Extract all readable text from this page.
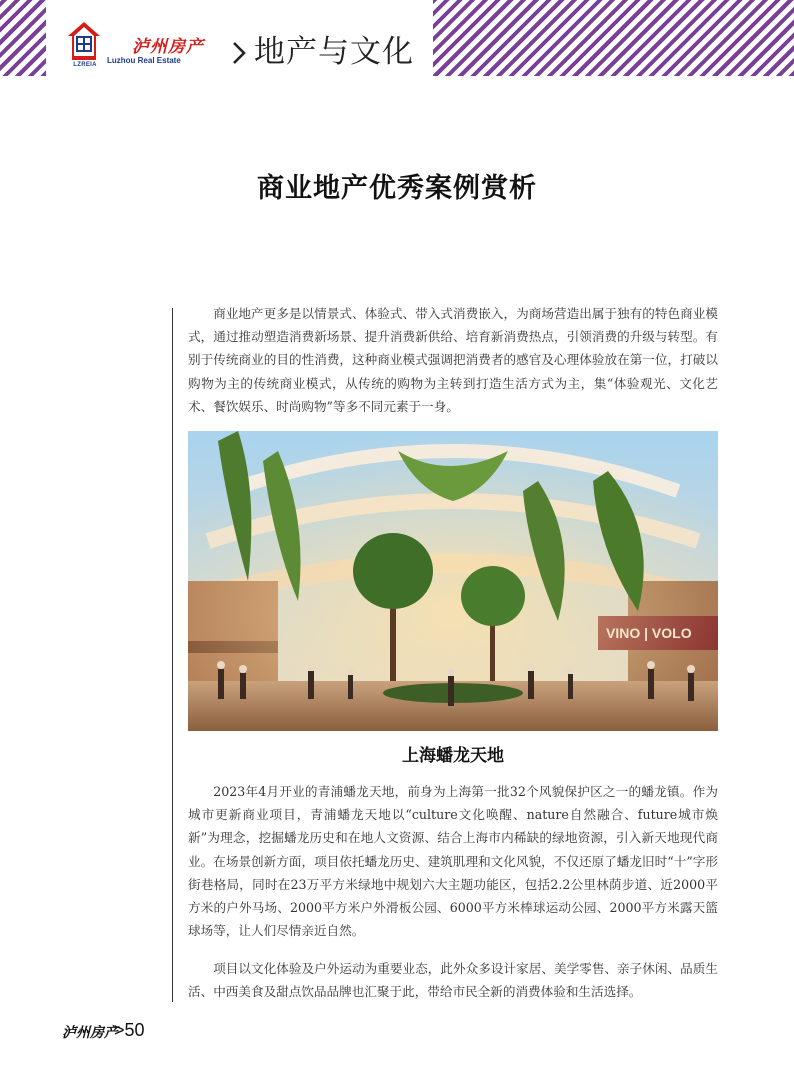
LZREIA
泸州房产
Luzhou Real Estate 地产与文化
商业地产优秀案例赏析

商业地产更多是以情景式、体验式、带入式消费嵌入，为商场营造出属于独有的特色商业模式，通过推动塑造消费新场景、提升消费新供给、培育新消费热点，引领消费的升级与转型。有别于传统商业的目的性消费，这种商业模式强调把消费者的感官及心理体验放在第一位，打破以购物为主的传统商业模式，从传统的购物为主转到打造生活方式为主，集“体验观光、文化艺术、餐饮娱乐、时尚购物”等多不同元素于一身。

上海蟠龙天地

2023年4月开业的青浦蟠龙天地，前身为上海第一批32个风貌保护区之一的蟠龙镇。作为城市更新商业项目，青浦蟠龙天地以“culture文化唤醒、nature自然融合、future城市焕新”为理念，挖掘蟠龙历史和在地人文资源、结合上海市内稀缺的绿地资源，引入新天地现代商业。在场景创新方面，项目依托蟠龙历史、建筑肌理和文化风貌，不仅还原了蟠龙旧时“十”字形街巷格局，同时在23万平方米绿地中规划六大主题功能区，包括2.2公里林荫步道、近2000平方米的户外马场、2000平方米户外滑板公园、6000平方米棒球运动公园、2000平方米露天篮球场等，让人们尽情亲近自然。

项目以文化体验及户外运动为重要业态，此外众多设计家居、美学零售、亲子休闲、品质生活、中西美食及甜点饮品品牌也汇聚于此，带给市民全新的消费体验和生活选择。

泸州房产
>50
